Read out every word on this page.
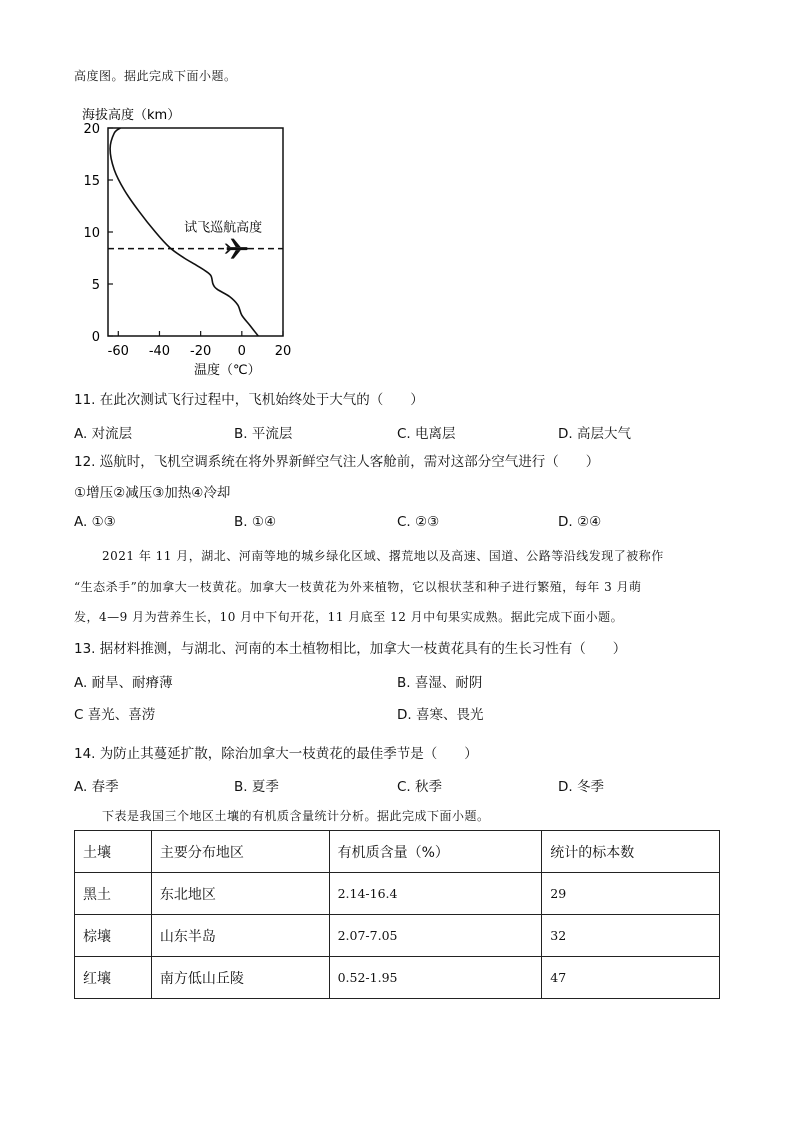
高度图。据此完成下面小题。
海拔高度（km）
0
5
10
15
20
-60 -40 -20 0 20
试飞巡航高度
温度（℃）
11. 在此次测试飞行过程中，飞机始终处于大气的（　　）
A. 对流层	B. 平流层	C. 电离层	D. 高层大气
12. 巡航时，飞机空调系统在将外界新鲜空气注人客舱前，需对这部分空气进行（　　）
①增压②减压③加热④冷却
A. ①③	B. ①④	C. ②③	D. ②④
2021 年 11 月，湖北、河南等地的城乡绿化区域、撂荒地以及高速、国道、公路等沿线发现了被称作
“生态杀手”的加拿大一枝黄花。加拿大一枝黄花为外来植物，它以根状茎和种子进行繁殖，每年 3 月萌
发，4—9 月为营养生长，10 月中下旬开花，11 月底至 12 月中旬果实成熟。据此完成下面小题。
13. 据材料推测，与湖北、河南的本土植物相比，加拿大一枝黄花具有的生长习性有（　　）
A. 耐旱、耐瘠薄	B. 喜湿、耐阴
C 喜光、喜涝	D. 喜寒、畏光
14. 为防止其蔓延扩散，除治加拿大一枝黄花的最佳季节是（　　）
A. 春季	B. 夏季	C. 秋季	D. 冬季
下表是我国三个地区土壤的有机质含量统计分析。据此完成下面小题。
土壤	主要分布地区	有机质含量（%）	统计的标本数
黑土	东北地区	2.14-16.4	29
棕壤	山东半岛	2.07-7.05	32
红壤	南方低山丘陵	0.52-1.95	47
